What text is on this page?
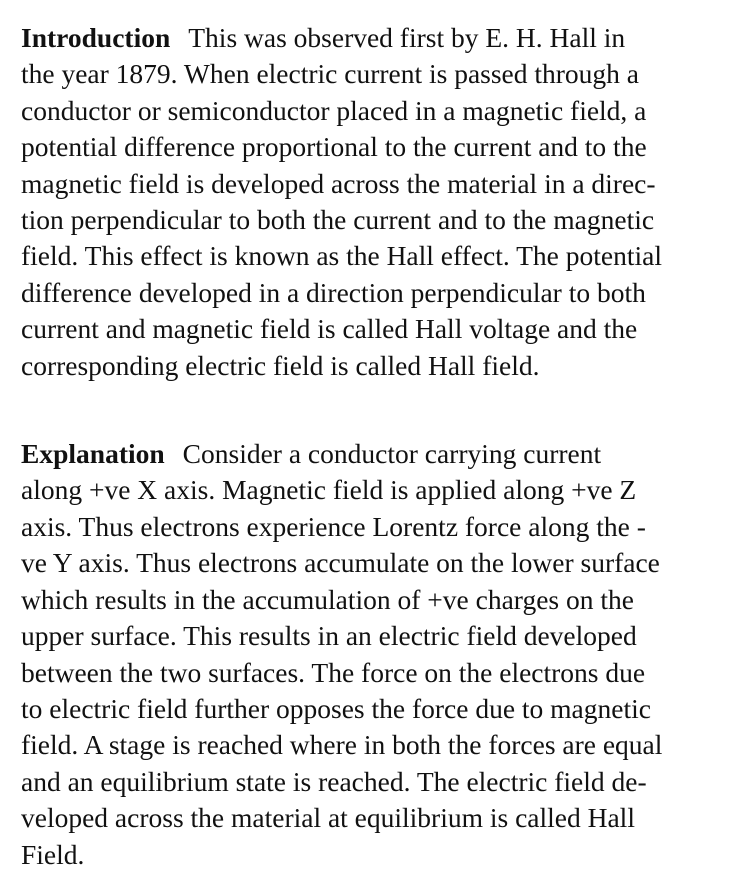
Introduction This was observed first by E. H. Hall in
the year 1879. When electric current is passed through a
conductor or semiconductor placed in a magnetic field, a
potential difference proportional to the current and to the
magnetic field is developed across the material in a direc-
tion perpendicular to both the current and to the magnetic
field. This effect is known as the Hall effect. The potential
difference developed in a direction perpendicular to both
current and magnetic field is called Hall voltage and the
corresponding electric field is called Hall field.

Explanation Consider a conductor carrying current
along +ve X axis. Magnetic field is applied along +ve Z
axis. Thus electrons experience Lorentz force along the -
ve Y axis. Thus electrons accumulate on the lower surface
which results in the accumulation of +ve charges on the
upper surface. This results in an electric field developed
between the two surfaces. The force on the electrons due
to electric field further opposes the force due to magnetic
field. A stage is reached where in both the forces are equal
and an equilibrium state is reached. The electric field de-
veloped across the material at equilibrium is called Hall
Field.
